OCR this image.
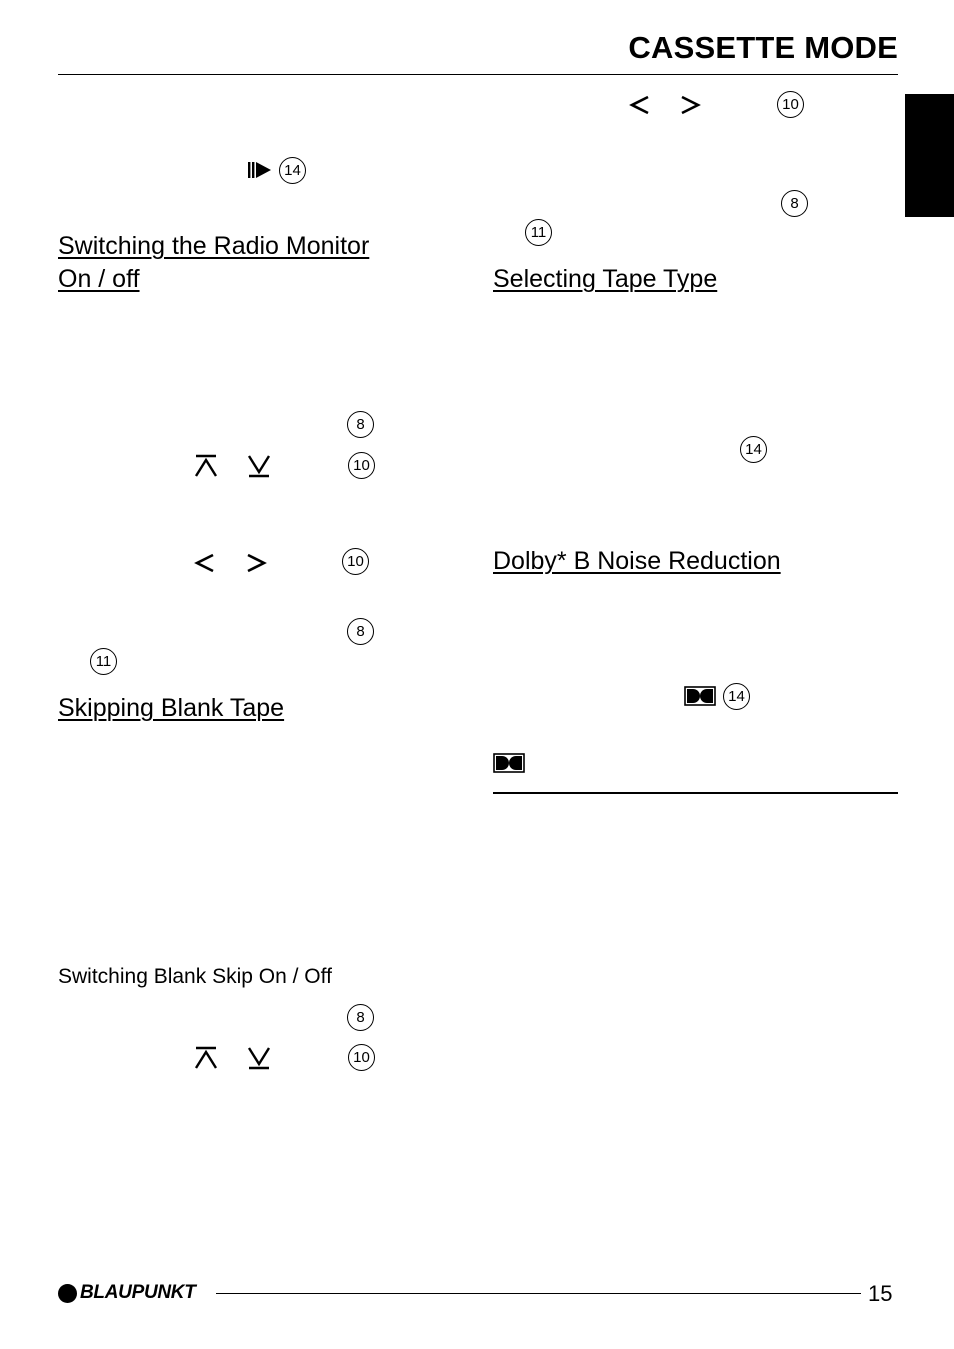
CASSETTE MODE
14
Switching the Radio Monitor
On / off
8
10
10
8
11
Skipping Blank Tape
Switching Blank Skip On / Off
8
10
10
8
11
Selecting Tape Type
14
Dolby* B Noise Reduction
14
BLAUPUNKT	15
